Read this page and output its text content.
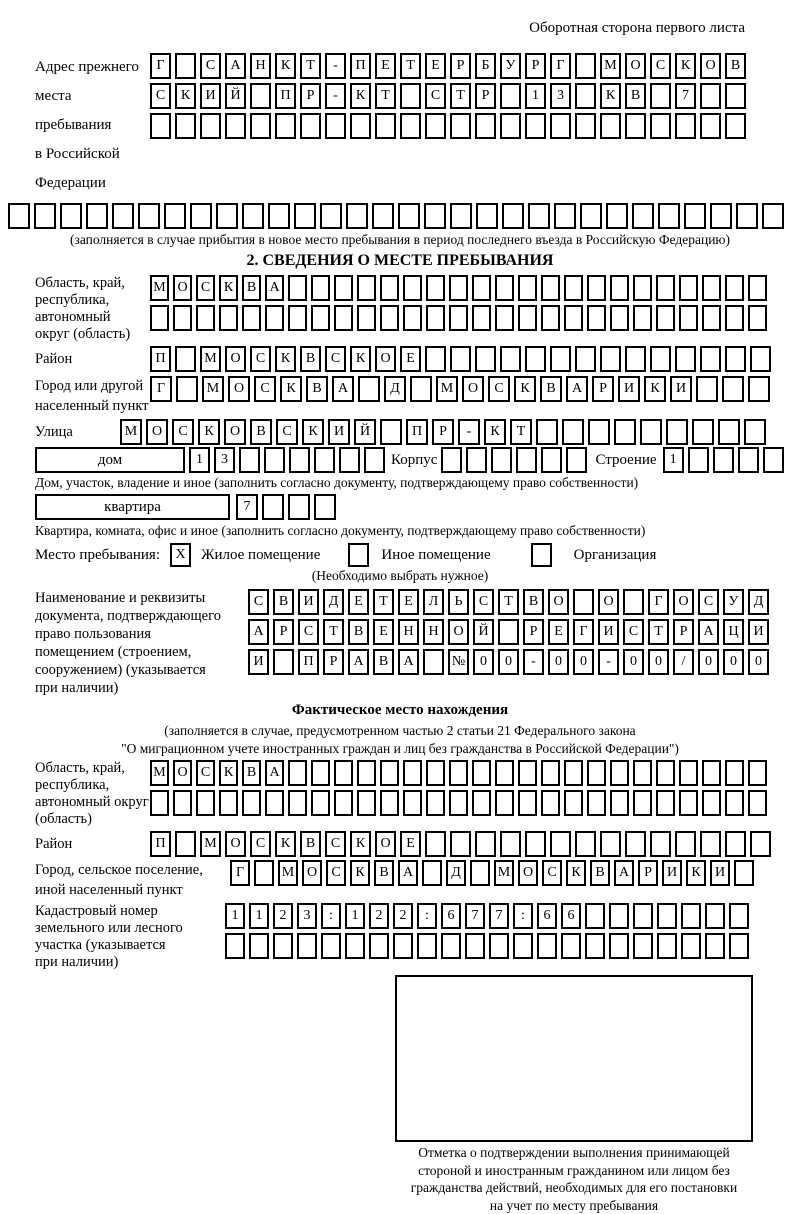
Оборотная сторона первого листа
Адрес прежнего
места пребывания
в Российской
Федерации
Г	С А Н К Т - П Е Т Е Р Б У Р Г	М О С К О В
С К И Й	П Р - К Т	С Т Р	1 3	К В	7
(заполняется в случае прибытия в новое место пребывания в период последнего въезда в Российскую Федерацию)
2. СВЕДЕНИЯ О МЕСТЕ ПРЕБЫВАНИЯ
Область, край,
республика,
автономный
округ (область)
М О С К В А
Район	П	М О С К В С К О Е
Город или другой
населенный пункт
Г	М О С К В А	Д	М О С К В А Р И К И
Улица	М О С К О В С К И Й	П Р - К Т
дом	1 3	Корпус	Строение 1
Дом, участок, владение и иное (заполнить согласно документу, подтверждающему право собственности)
квартира	7
Квартира, комната, офис и иное (заполнить согласно документу, подтверждающему право собственности)
Место пребывания:	X	Жилое помещение	Иное помещение	Организация
(Необходимо выбрать нужное)
Наименование и реквизиты
документа, подтверждающего
право пользования
помещением (строением,
сооружением) (указывается
при наличии)
С В И Д Е Т Е Л Ь С Т В О	О	Г О С У Д
А Р С Т В Е Н Н О Й	Р Е Г И С Т Р А Ц И
И	П Р А В А	№ 0 0 - 0 0 - 0 0 / 0 0 0
Фактическое место нахождения
(заполняется в случае, предусмотренном частью 2 статьи 21 Федерального закона
"О миграционном учете иностранных граждан и лиц без гражданства в Российской Федерации")
Область, край,
республика,
автономный округ
(область)
М О С К В А
Район	П	М О С К В С К О Е
Город, сельское поселение,
иной населенный пункт
Г	М О С К В А	Д	М О С К В А Р И К И
Кадастровый номер
земельного или лесного
участка (указывается
при наличии)
1 1 2 3 : 1 2 2 : 6 7 7 : 6 6
Отметка о подтверждении выполнения принимающей
стороной и иностранным гражданином или лицом без
гражданства действий, необходимых для его постановки
на учет по месту пребывания
